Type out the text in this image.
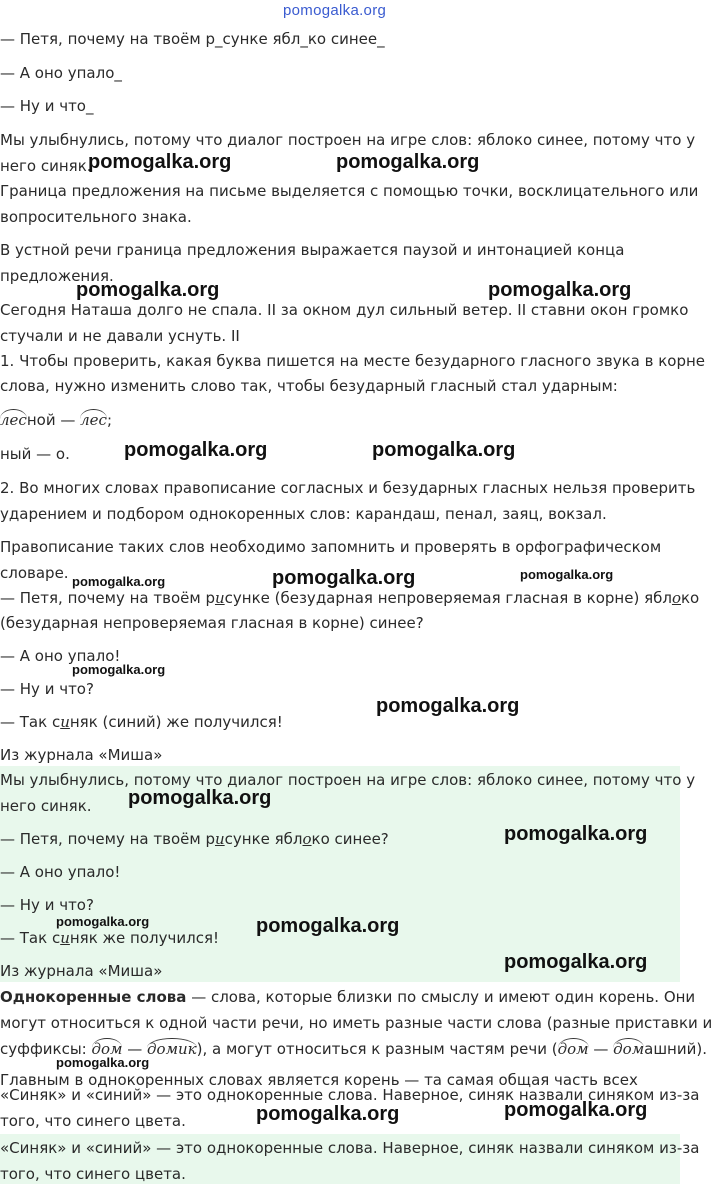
pomogalka.org
— Петя, почему на твоём р_сунке ябл_ко синее_
— А оно упало_
— Ну и что_
Мы улыбнулись, потому что диалог построен на игре слов: яблоко синее, потому что у
него синяк.
Граница предложения на письме выделяется с помощью точки, восклицательного или
вопросительного знака.
В устной речи граница предложения выражается паузой и интонацией конца
предложения.
Сегодня Наташа долго не спала. II за окном дул сильный ветер. II ставни окон громко
стучали и не давали уснуть. II
1. Чтобы проверить, какая буква пишется на месте безударного гласного звука в корне
слова, нужно изменить слово так, чтобы безударный гласный стал ударным:
лесной — лес;
ный — о.
2. Во многих словах правописание согласных и безударных гласных нельзя проверить
ударением и подбором однокоренных слов: карандаш, пенал, заяц, вокзал.
Правописание таких слов необходимо запомнить и проверять в орфографическом
словаре.
— Петя, почему на твоём рисунке (безударная непроверяемая гласная в корне) яблоко
(безударная непроверяемая гласная в корне) синее?
— А оно упало!
— Ну и что?
— Так синяк (синий) же получился!
Из журнала «Миша»
Мы улыбнулись, потому что диалог построен на игре слов: яблоко синее, потому что у
него синяк.
— Петя, почему на твоём рисунке яблоко синее?
— А оно упало!
— Ну и что?
— Так синяк же получился!
Из журнала «Миша»
Однокоренные слова — слова, которые близки по смыслу и имеют один корень. Они
могут относиться к одной части речи, но иметь разные части слова (разные приставки и
суффиксы: дом — домик), а могут относиться к разным частям речи (дом — домашний).
Главным в однокоренных словах является корень — та самая общая часть всех
«Синяк» и «синий» — это однокоренные слова. Наверное, синяк назвали синяком из-за
того, что синего цвета.
«Синяк» и «синий» — это однокоренные слова. Наверное, синяк назвали синяком из-за
того, что синего цвета.
pomogalka.org	pomogalka.org
pomogalka.org	pomogalka.org
pomogalka.org	pomogalka.org
pomogalka.org	pomogalka.org	pomogalka.org
pomogalka.org
pomogalka.org
pomogalka.org
pomogalka.org
pomogalka.org	pomogalka.org
pomogalka.org
pomogalka.org
pomogalka.org	pomogalka.org
